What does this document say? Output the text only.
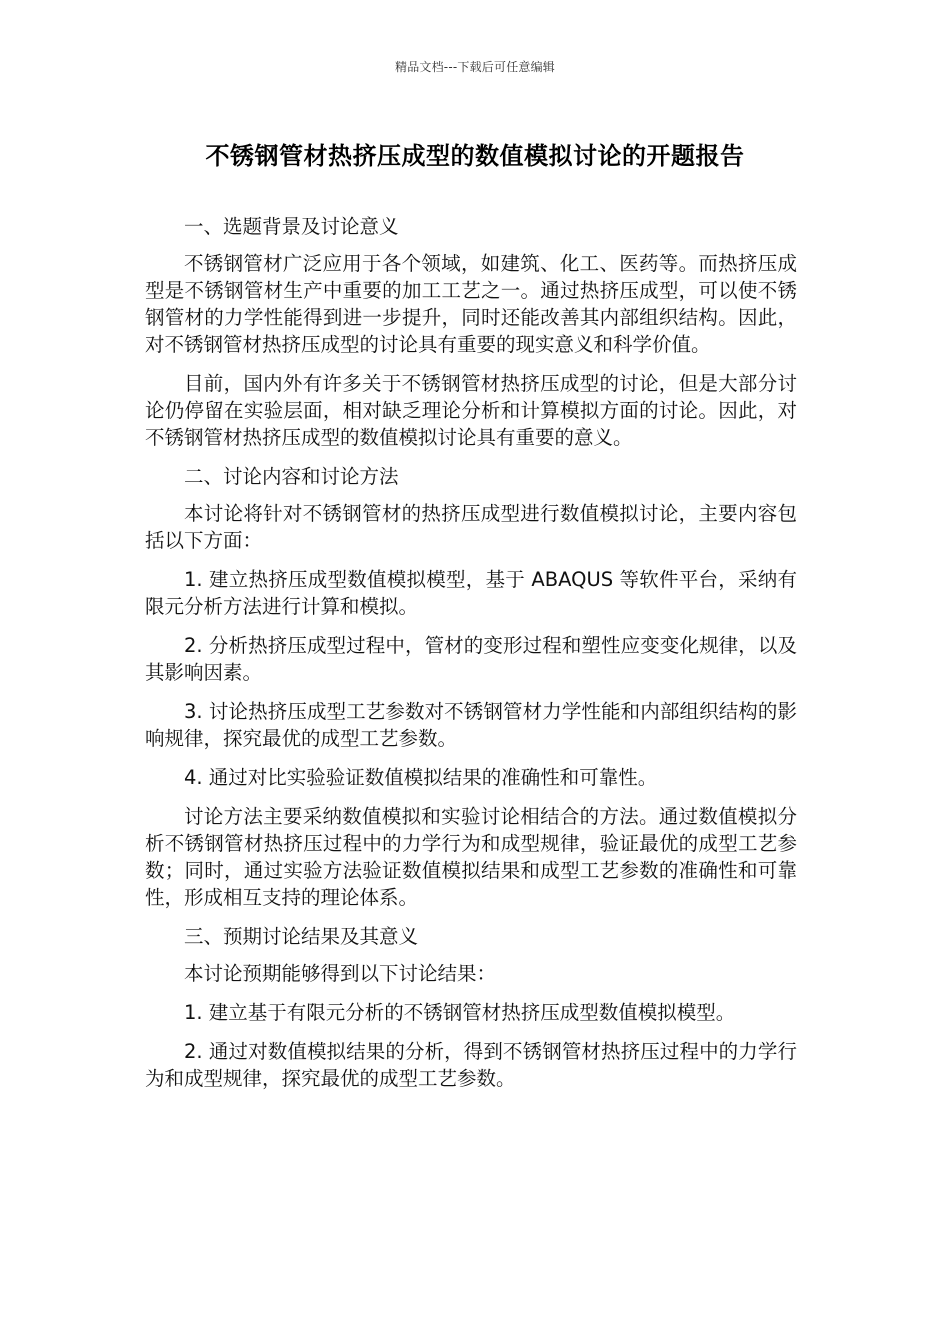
精品文档---下载后可任意编辑
不锈钢管材热挤压成型的数值模拟讨论的开题报告

一、选题背景及讨论意义

不锈钢管材广泛应用于各个领域，如建筑、化工、医药等。而热挤压成型是不锈钢管材生产中重要的加工工艺之一。通过热挤压成型，可以使不锈钢管材的力学性能得到进一步提升，同时还能改善其内部组织结构。因此，对不锈钢管材热挤压成型的讨论具有重要的现实意义和科学价值。

目前，国内外有许多关于不锈钢管材热挤压成型的讨论，但是大部分讨论仍停留在实验层面，相对缺乏理论分析和计算模拟方面的讨论。因此，对不锈钢管材热挤压成型的数值模拟讨论具有重要的意义。

二、讨论内容和讨论方法

本讨论将针对不锈钢管材的热挤压成型进行数值模拟讨论，主要内容包括以下方面：

1. 建立热挤压成型数值模拟模型，基于 ABAQUS 等软件平台，采纳有限元分析方法进行计算和模拟。

2. 分析热挤压成型过程中，管材的变形过程和塑性应变变化规律，以及其影响因素。

3. 讨论热挤压成型工艺参数对不锈钢管材力学性能和内部组织结构的影响规律，探究最优的成型工艺参数。

4. 通过对比实验验证数值模拟结果的准确性和可靠性。

讨论方法主要采纳数值模拟和实验讨论相结合的方法。通过数值模拟分析不锈钢管材热挤压过程中的力学行为和成型规律，验证最优的成型工艺参数；同时，通过实验方法验证数值模拟结果和成型工艺参数的准确性和可靠性，形成相互支持的理论体系。

三、预期讨论结果及其意义

本讨论预期能够得到以下讨论结果：

1. 建立基于有限元分析的不锈钢管材热挤压成型数值模拟模型。

2. 通过对数值模拟结果的分析，得到不锈钢管材热挤压过程中的力学行为和成型规律，探究最优的成型工艺参数。
